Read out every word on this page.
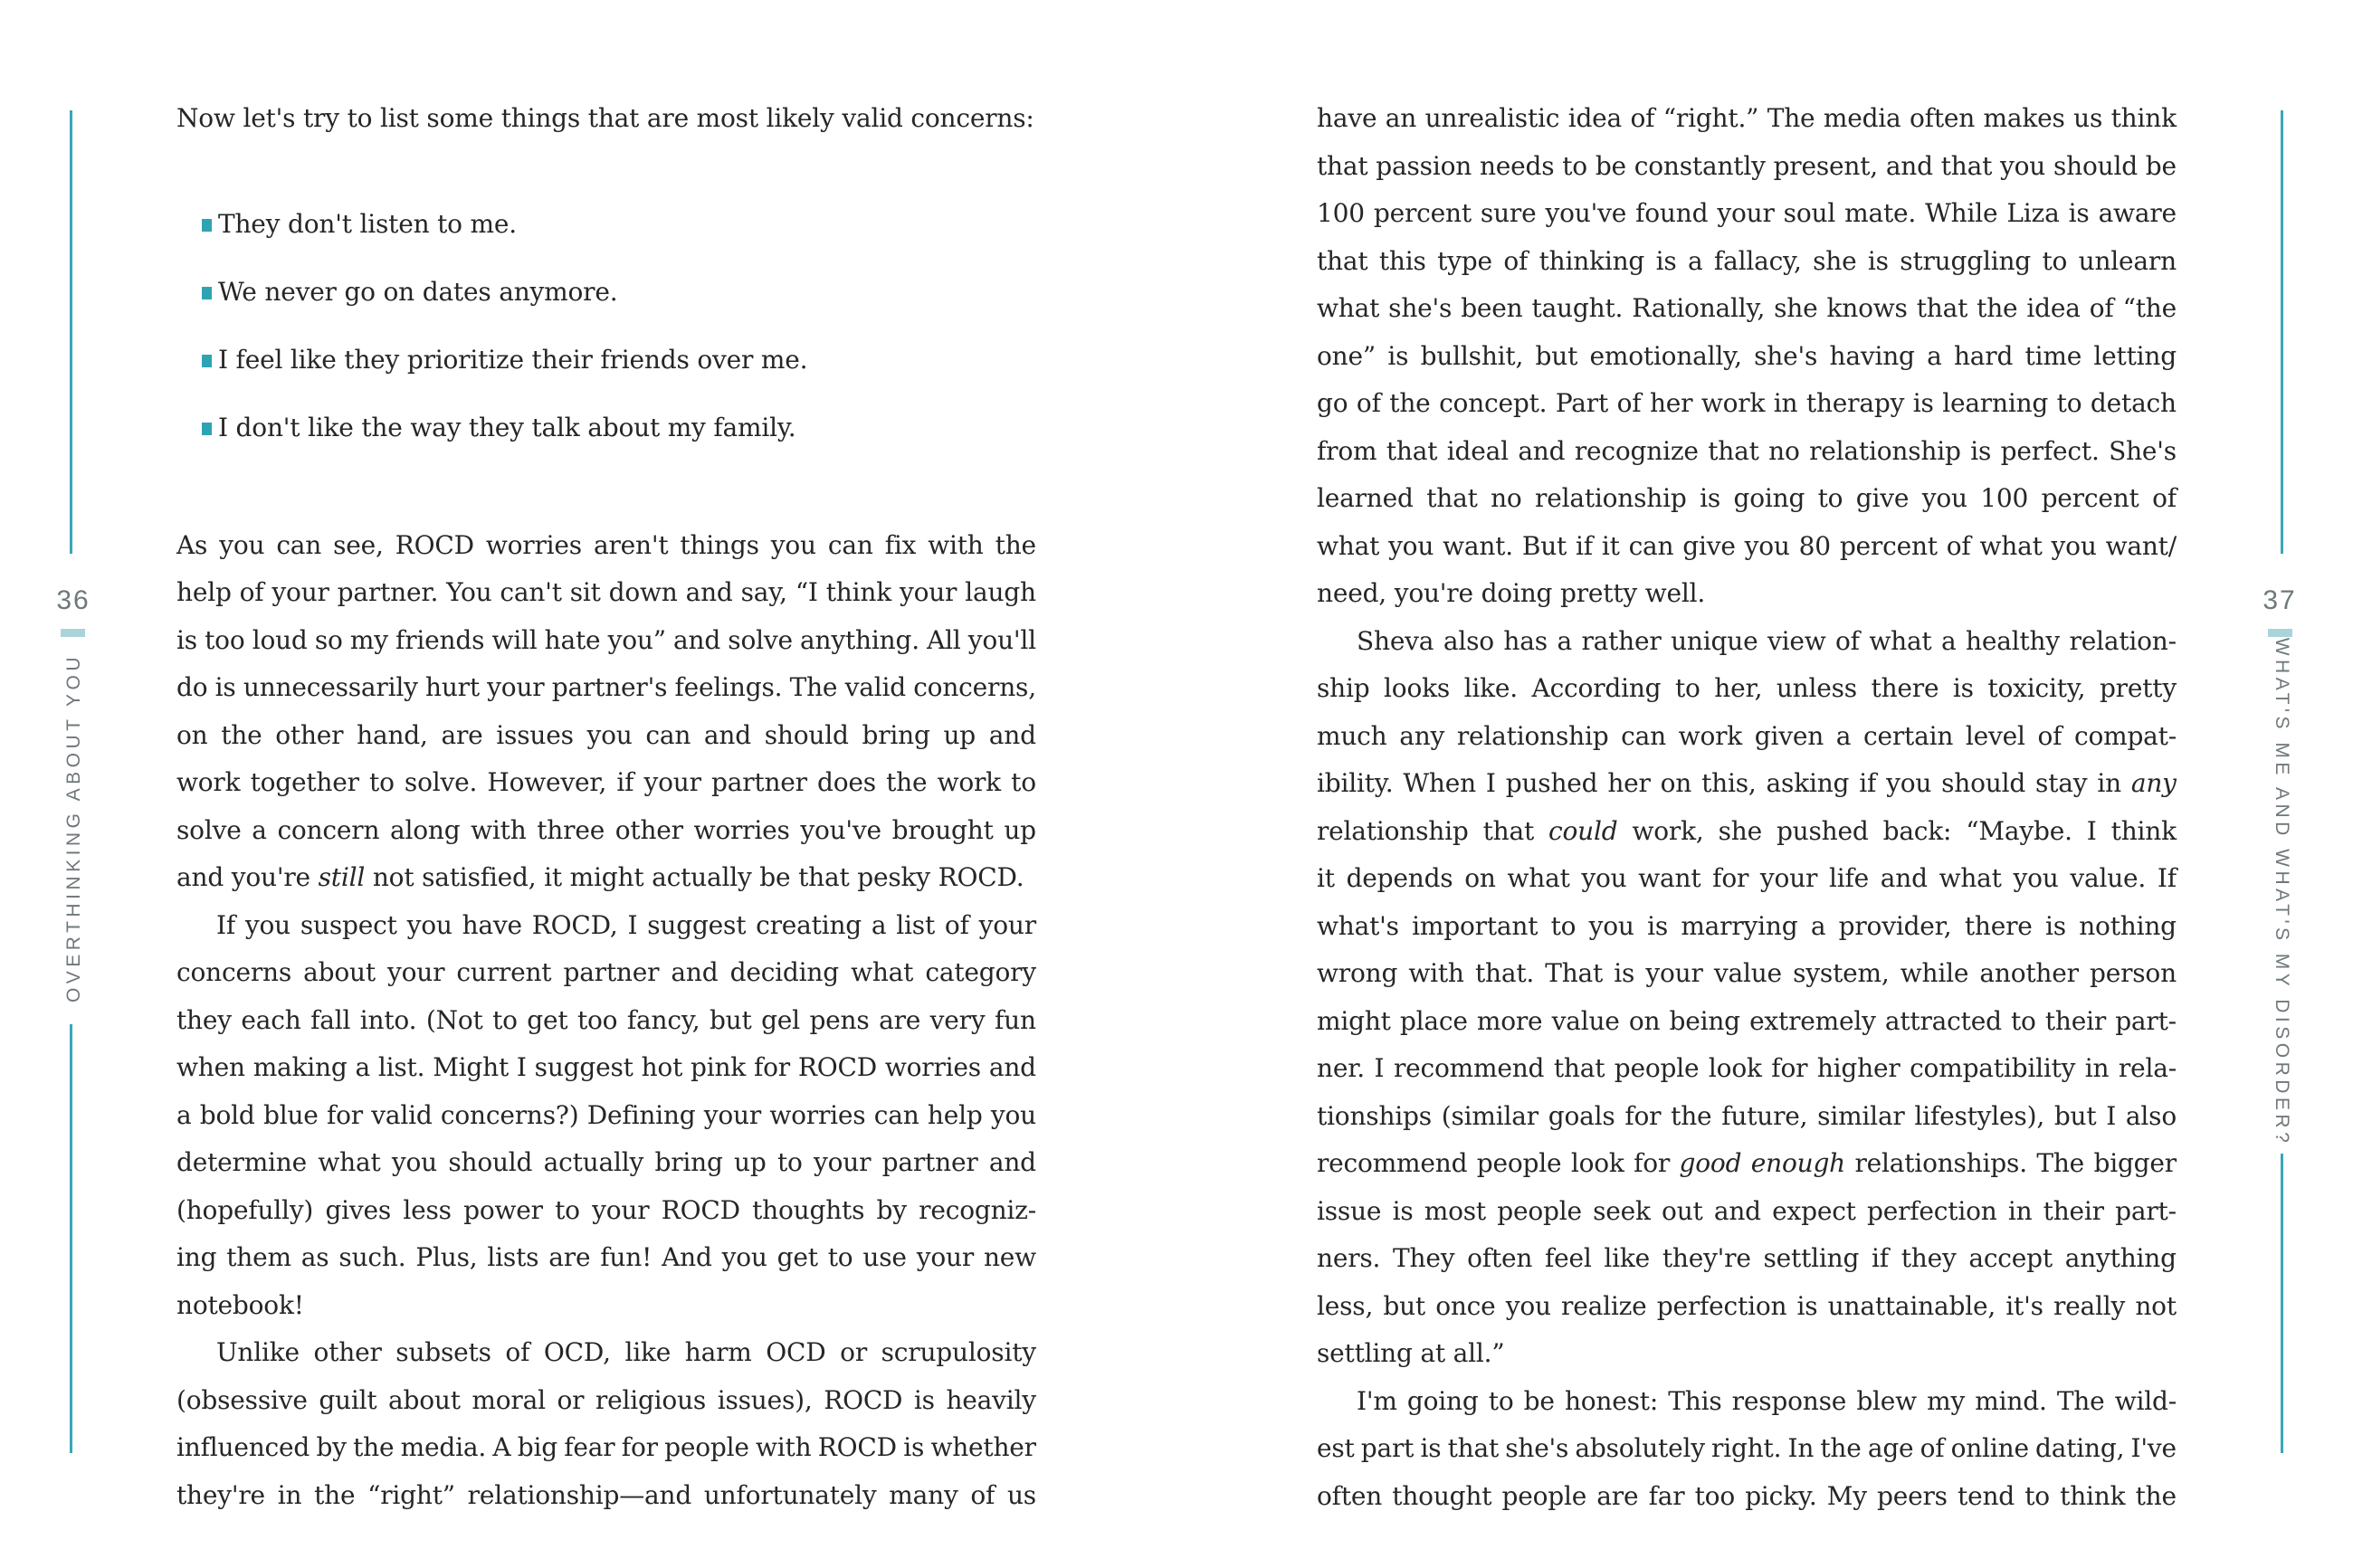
36
OVERTHINKING ABOUT YOU
37
WHAT'S ME AND WHAT'S MY DISORDER?
Now let's try to list some things that are most likely valid concerns:
They don't listen to me.
We never go on dates anymore.
I feel like they prioritize their friends over me.
I don't like the way they talk about my family.
As you can see, ROCD worries aren't things you can fix with the
help of your partner. You can't sit down and say, “I think your laugh
is too loud so my friends will hate you” and solve anything. All you'll
do is unnecessarily hurt your partner's feelings. The valid concerns,
on the other hand, are issues you can and should bring up and
work together to solve. However, if your partner does the work to
solve a concern along with three other worries you've brought up
and you're still not satisfied, it might actually be that pesky ROCD.
If you suspect you have ROCD, I suggest creating a list of your
concerns about your current partner and deciding what category
they each fall into. (Not to get too fancy, but gel pens are very fun
when making a list. Might I suggest hot pink for ROCD worries and
a bold blue for valid concerns?) Defining your worries can help you
determine what you should actually bring up to your partner and
(hopefully) gives less power to your ROCD thoughts by recogniz-
ing them as such. Plus, lists are fun! And you get to use your new
notebook!
Unlike other subsets of OCD, like harm OCD or scrupulosity
(obsessive guilt about moral or religious issues), ROCD is heavily
influenced by the media. A big fear for people with ROCD is whether
they're in the “right” relationship—and unfortunately many of us
have an unrealistic idea of “right.” The media often makes us think
that passion needs to be constantly present, and that you should be
100 percent sure you've found your soul mate. While Liza is aware
that this type of thinking is a fallacy, she is struggling to unlearn
what she's been taught. Rationally, she knows that the idea of “the
one” is bullshit, but emotionally, she's having a hard time letting
go of the concept. Part of her work in therapy is learning to detach
from that ideal and recognize that no relationship is perfect. She's
learned that no relationship is going to give you 100 percent of
what you want. But if it can give you 80 percent of what you want/
need, you're doing pretty well.
Sheva also has a rather unique view of what a healthy relation-
ship looks like. According to her, unless there is toxicity, pretty
much any relationship can work given a certain level of compat-
ibility. When I pushed her on this, asking if you should stay in any
relationship that could work, she pushed back: “Maybe. I think
it depends on what you want for your life and what you value. If
what's important to you is marrying a provider, there is nothing
wrong with that. That is your value system, while another person
might place more value on being extremely attracted to their part-
ner. I recommend that people look for higher compatibility in rela-
tionships (similar goals for the future, similar lifestyles), but I also
recommend people look for good enough relationships. The bigger
issue is most people seek out and expect perfection in their part-
ners. They often feel like they're settling if they accept anything
less, but once you realize perfection is unattainable, it's really not
settling at all.”
I'm going to be honest: This response blew my mind. The wild-
est part is that she's absolutely right. In the age of online dating, I've
often thought people are far too picky. My peers tend to think the
